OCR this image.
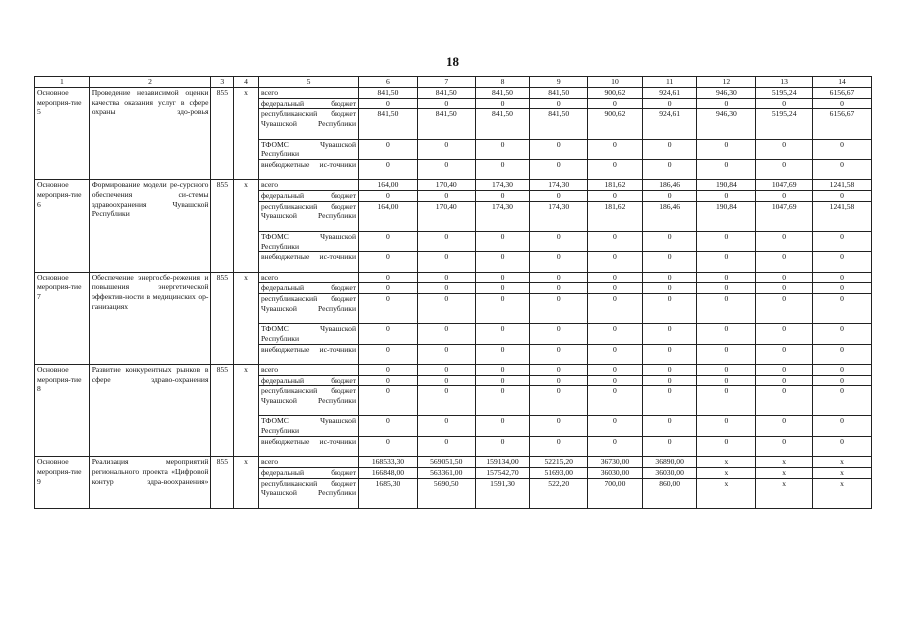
18
1	2	3	4	5	6	7	8	9	10	11	12	13	14
Основное мероприя-тие 5	Проведение независимой оценки качества оказания услуг в сфере охраны здо-ровья	855	х	всего	841,50	841,50	841,50	841,50	900,62	924,61	946,30	5195,24	6156,67
				федеральный бюджет	0	0	0	0	0	0	0	0	0
				республиканский бюджет Чувашской Республики	841,50	841,50	841,50	841,50	900,62	924,61	946,30	5195,24	6156,67
				ТФОМС Чувашской Республики	0	0	0	0	0	0	0	0	0
				внебюджетные ис-точники	0	0	0	0	0	0	0	0	0
Основное мероприя-тие 6	Формирование модели ре-сурсного обеспечения си-стемы здравоохранения Чувашской Республики	855	х	всего	164,00	170,40	174,30	174,30	181,62	186,46	190,84	1047,69	1241,58
				федеральный бюджет	0	0	0	0	0	0	0	0	0
				республиканский бюджет Чувашской Республики	164,00	170,40	174,30	174,30	181,62	186,46	190,84	1047,69	1241,58
				ТФОМС Чувашской Республики	0	0	0	0	0	0	0	0	0
				внебюджетные ис-точники	0	0	0	0	0	0	0	0	0
Основное мероприя-тие 7	Обеспечение энергосбе-режения и повышения энергетической эффектив-ности в медицинских ор-ганизациях	855	х	всего	0	0	0	0	0	0	0	0	0
				федеральный бюджет	0	0	0	0	0	0	0	0	0
				республиканский бюджет Чувашской Республики	0	0	0	0	0	0	0	0	0
				ТФОМС Чувашской Республики	0	0	0	0	0	0	0	0	0
				внебюджетные ис-точники	0	0	0	0	0	0	0	0	0
Основное мероприя-тие 8	Развитие конкурентных рынков в сфере здраво-охранения	855	х	всего	0	0	0	0	0	0	0	0	0
				федеральный бюджет	0	0	0	0	0	0	0	0	0
				республиканский бюджет Чувашской Республики	0	0	0	0	0	0	0	0	0
				ТФОМС Чувашской Республики	0	0	0	0	0	0	0	0	0
				внебюджетные ис-точники	0	0	0	0	0	0	0	0	0
Основное мероприя-тие 9	Реализация мероприятий регионального проекта «Цифровой контур здра-воохранения»	855	х	всего	168533,30	569051,50	159134,00	52215,20	36730,00	36890,00	х	х	х
				федеральный бюджет	166848,00	563361,00	157542,70	51693,00	36030,00	36030,00	х	х	х
				республиканский бюджет Чувашской Республики	1685,30	5690,50	1591,30	522,20	700,00	860,00	х	х	х
